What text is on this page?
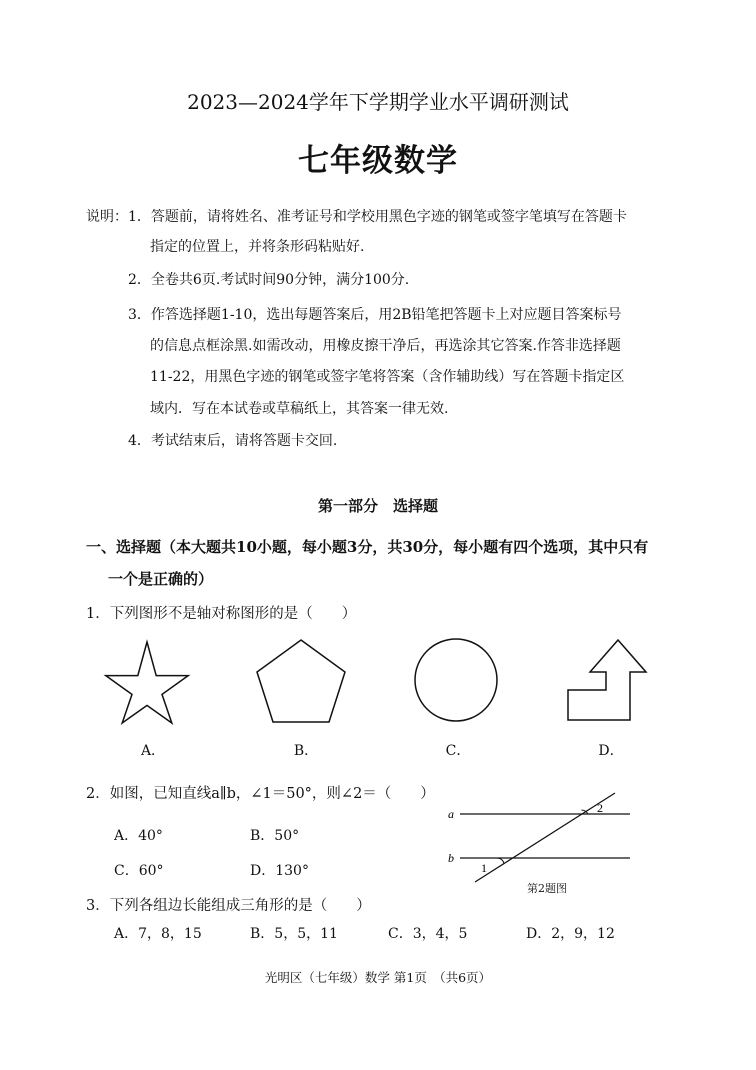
2023—2024学年下学期学业水平调研测试
七年级数学
说明： 1．答题前，请将姓名、准考证号和学校用黑色字迹的钢笔或签字笔填写在答题卡
指定的位置上，并将条形码粘贴好.
2．全卷共6页.考试时间90分钟，满分100分.
3．作答选择题1-10，选出每题答案后，用2B铅笔把答题卡上对应题目答案标号
的信息点框涂黑.如需改动，用橡皮擦干净后，再选涂其它答案.作答非选择题
11-22，用黑色字迹的钢笔或签字笔将答案（含作辅助线）写在答题卡指定区
域内．写在本试卷或草稿纸上，其答案一律无效.
4．考试结束后，请将答题卡交回.
第一部分　选择题
一、选择题（本大题共10小题，每小题3分，共30分，每小题有四个选项，其中只有
一个是正确的）
1．下列图形不是轴对称图形的是（　　）
A．	B．	C．	D．
2．如图，已知直线a∥b，∠1＝50°，则∠2＝（　　）
A．40°	B．50°
C．60°	D．130°
a
b
1
2
第2题图
3．下列各组边长能组成三角形的是（　　）
A．7，8，15	B．5，5，11	C．3，4，5	D．2，9，12
光明区（七年级）数学 第1页　（共6页）
